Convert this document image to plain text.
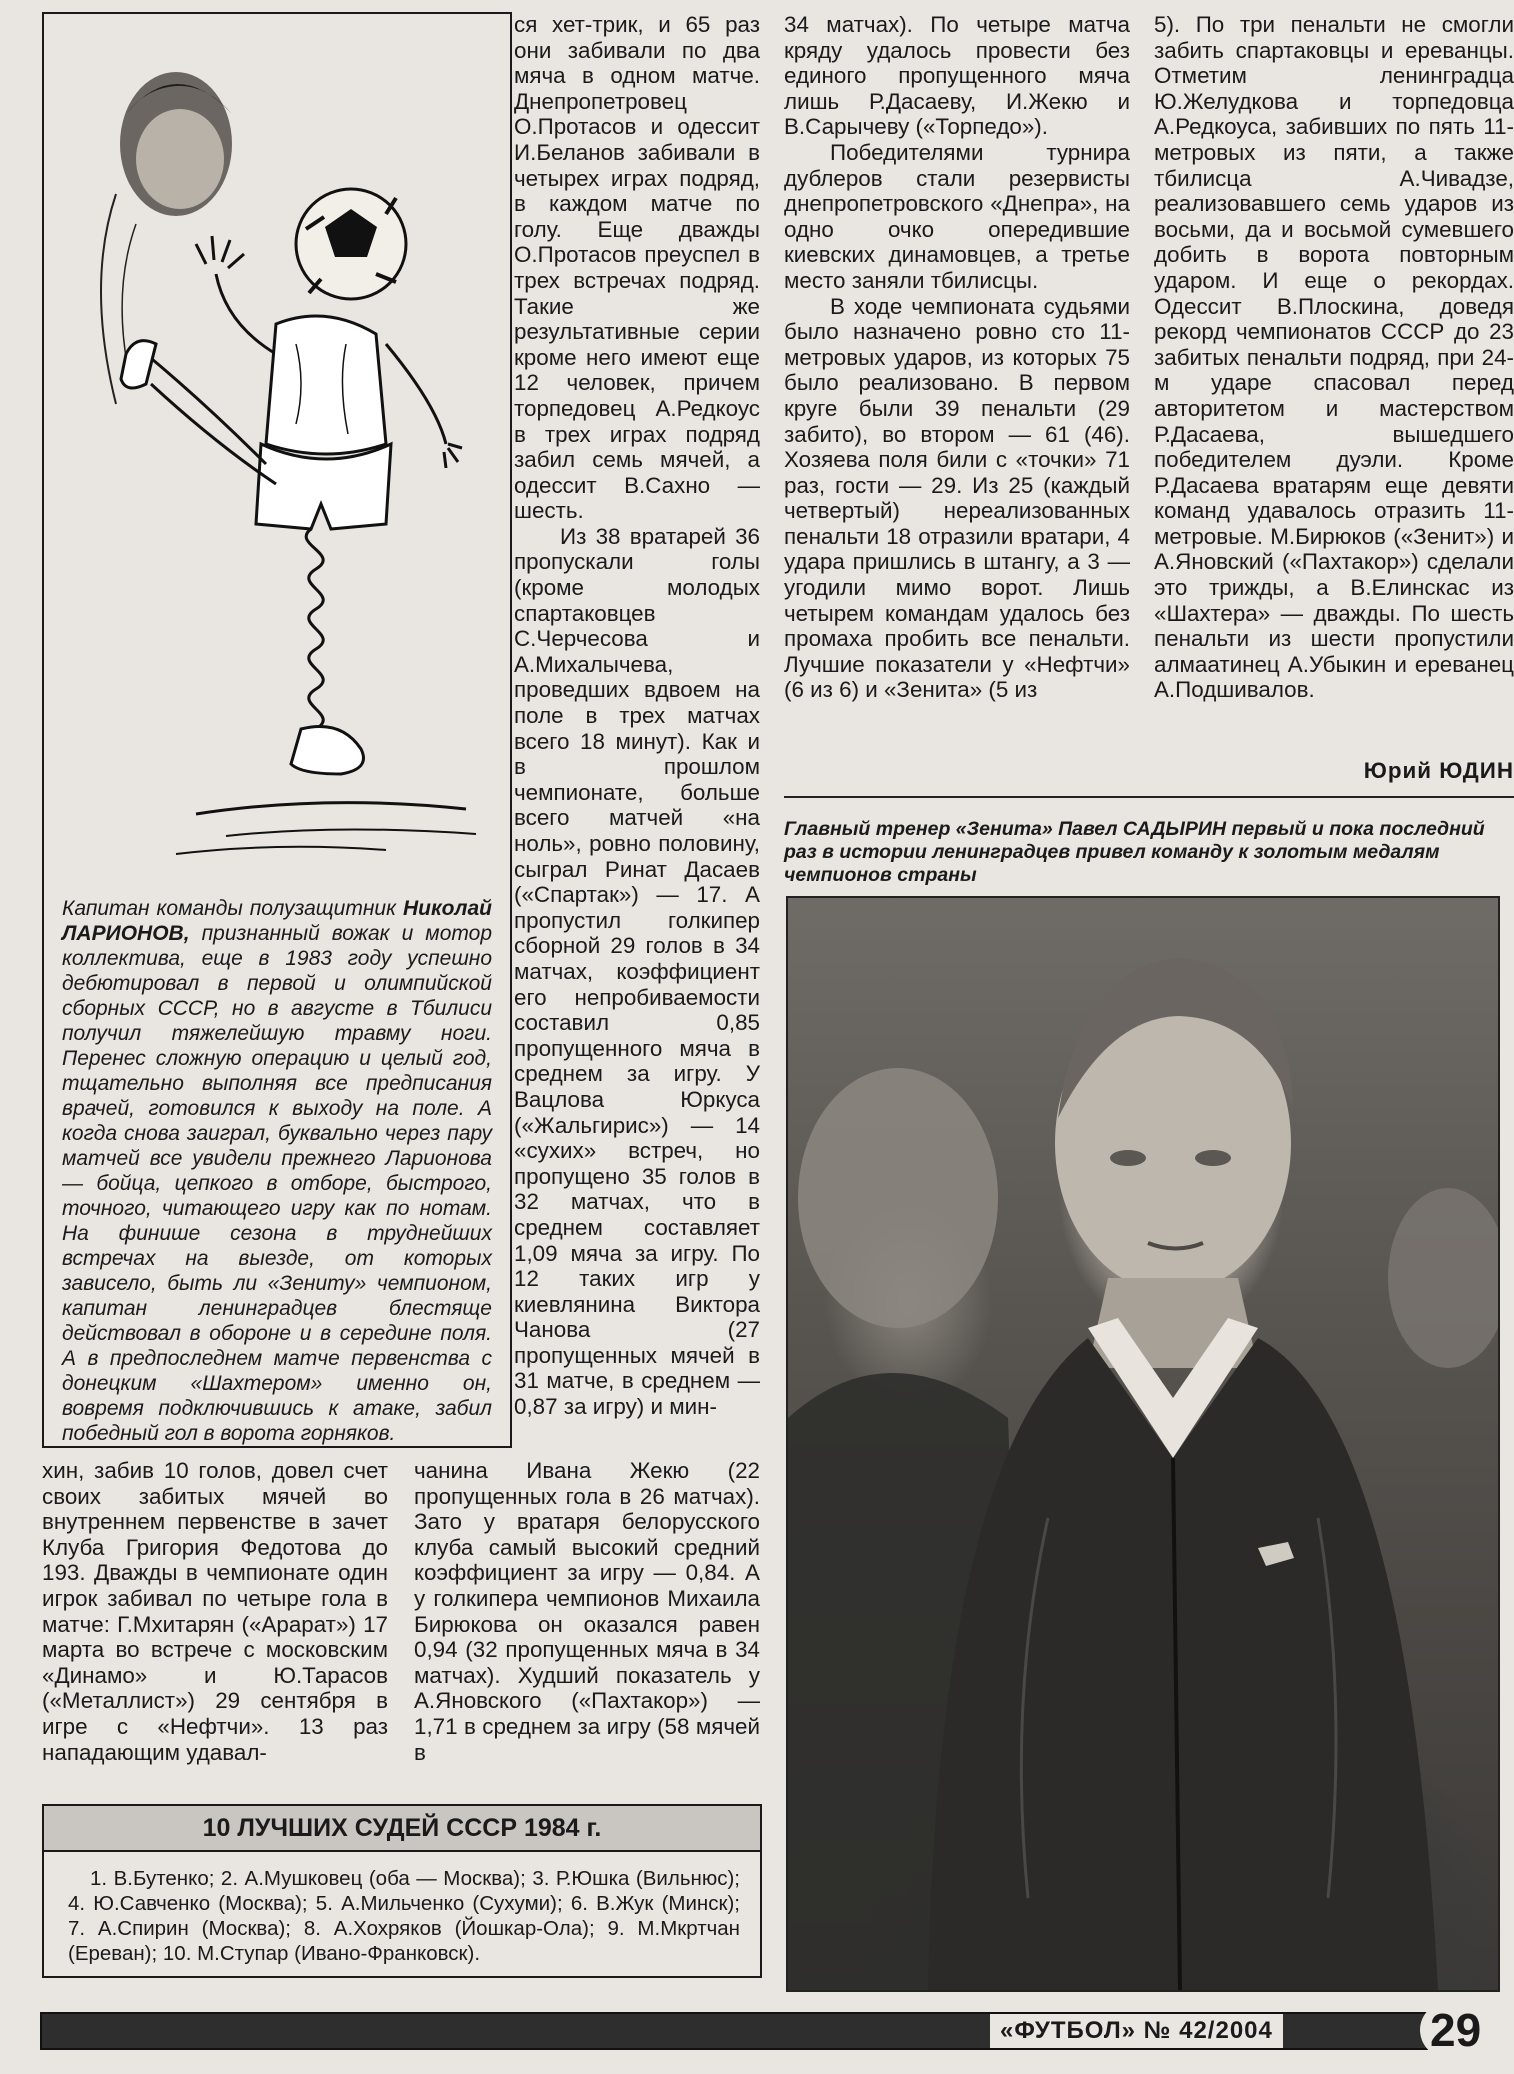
Капитан команды полузащитник Николай ЛАРИОНОВ, признанный вожак и мотор коллектива, еще в 1983 году успешно дебютировал в первой и олимпийской сборных СССР, но в августе в Тбилиси получил тяжелейшую травму ноги. Перенес сложную операцию и целый год, тщательно выполняя все предписания врачей, готовился к выходу на поле. А когда снова заиграл, буквально через пару матчей все увидели прежнего Ларионова — бойца, цепкого в отборе, быстрого, точного, читающего игру как по нотам. На финише сезона в труднейших встречах на выезде, от которых зависело, быть ли «Зениту» чемпионом, капитан ленинградцев блестяще действовал в обороне и в середине поля. А в предпоследнем матче первенства с донецким «Шахтером» именно он, вовремя подключившись к атаке, забил победный гол в ворота горняков.

хин, забив 10 голов, довел счет своих забитых мячей во внутреннем первенстве в зачет Клуба Григория Федотова до 193. Дважды в чемпионате один игрок забивал по четыре гола в матче: Г.Мхитарян («Арарат») 17 марта во встрече с московским «Динамо» и Ю.Тарасов («Металлист») 29 сентября в игре с «Нефтчи». 13 раз нападающим удавал-

ся хет-трик, и 65 раз они забивали по два мяча в одном матче. Днепропетровец О.Протасов и одессит И.Беланов забивали в четырех играх подряд, в каждом матче по голу. Еще дважды О.Протасов преуспел в трех встречах подряд. Такие же результативные серии кроме него имеют еще 12 человек, причем торпедовец А.Редкоус в трех играх подряд забил семь мячей, а одессит В.Сахно — шесть.

Из 38 вратарей 36 пропускали голы (кроме молодых спартаковцев С.Черчесова и А.Михалычева, проведших вдвоем на поле в трех матчах всего 18 минут). Как и в прошлом чемпионате, больше всего матчей «на ноль», ровно половину, сыграл Ринат Дасаев («Спартак») — 17. А пропустил голкипер сборной 29 голов в 34 матчах, коэффициент его непробиваемости составил 0,85 пропущенного мяча в среднем за игру. У Вацлова Юркуса («Жальгирис») — 14 «сухих» встреч, но пропущено 35 голов в 32 матчах, что в среднем составляет 1,09 мяча за игру. По 12 таких игр у киевлянина Виктора Чанова (27 пропущенных мячей в 31 матче, в среднем — 0,87 за игру) и мин-

чанина Ивана Жекю (22 пропущенных гола в 26 матчах). Зато у вратаря белорусского клуба самый высокий средний коэффициент за игру — 0,84. А у голкипера чемпионов Михаила Бирюкова он оказался равен 0,94 (32 пропущенных мяча в 34 матчах). Худший показатель у А.Яновского («Пахтакор») — 1,71 в среднем за игру (58 мячей в

34 матчах). По четыре матча кряду удалось провести без единого пропущенного мяча лишь Р.Дасаеву, И.Жекю и В.Сарычеву («Торпедо»).

Победителями турнира дублеров стали резервисты днепропетровского «Днепра», на одно очко опередившие киевских динамовцев, а третье место заняли тбилисцы.

В ходе чемпионата судьями было назначено ровно сто 11-метровых ударов, из которых 75 было реализовано. В первом круге были 39 пенальти (29 забито), во втором — 61 (46). Хозяева поля били с «точки» 71 раз, гости — 29. Из 25 (каждый четвертый) нереализованных пенальти 18 отразили вратари, 4 удара пришлись в штангу, а 3 — угодили мимо ворот. Лишь четырем командам удалось без промаха пробить все пенальти. Лучшие показатели у «Нефтчи» (6 из 6) и «Зенита» (5 из

5). По три пенальти не смогли забить спартаковцы и ереванцы. Отметим ленинградца Ю.Желудкова и торпедовца А.Редкоуса, забивших по пять 11-метровых из пяти, а также тбилисца А.Чивадзе, реализовавшего семь ударов из восьми, да и восьмой сумевшего добить в ворота повторным ударом. И еще о рекордах. Одессит В.Плоскина, доведя рекорд чемпионатов СССР до 23 забитых пенальти подряд, при 24-м ударе спасовал перед авторитетом и мастерством Р.Дасаева, вышедшего победителем дуэли. Кроме Р.Дасаева вратарям еще девяти команд удавалось отразить 11-метровые. М.Бирюков («Зенит») и А.Яновский («Пахтакор») сделали это трижды, а В.Елинскас из «Шахтера» — дважды. По шесть пенальти из шести пропустили алмаатинец А.Убыкин и ереванец А.Подшивалов.

Юрий ЮДИН

Главный тренер «Зенита» Павел САДЫРИН первый и пока последний раз в истории ленинградцев привел команду к золотым медалям чемпионов страны

10 ЛУЧШИХ СУДЕЙ СССР 1984 г.

1. В.Бутенко; 2. А.Мушковец (оба — Москва); 3. Р.Юшка (Вильнюс); 4. Ю.Савченко (Москва); 5. А.Мильченко (Сухуми); 6. В.Жук (Минск); 7. А.Спирин (Москва); 8. А.Хохряков (Йошкар-Ола); 9. М.Мкртчан (Ереван); 10. М.Ступар (Ивано-Франковск).

«ФУТБОЛ» № 42/2004	29
